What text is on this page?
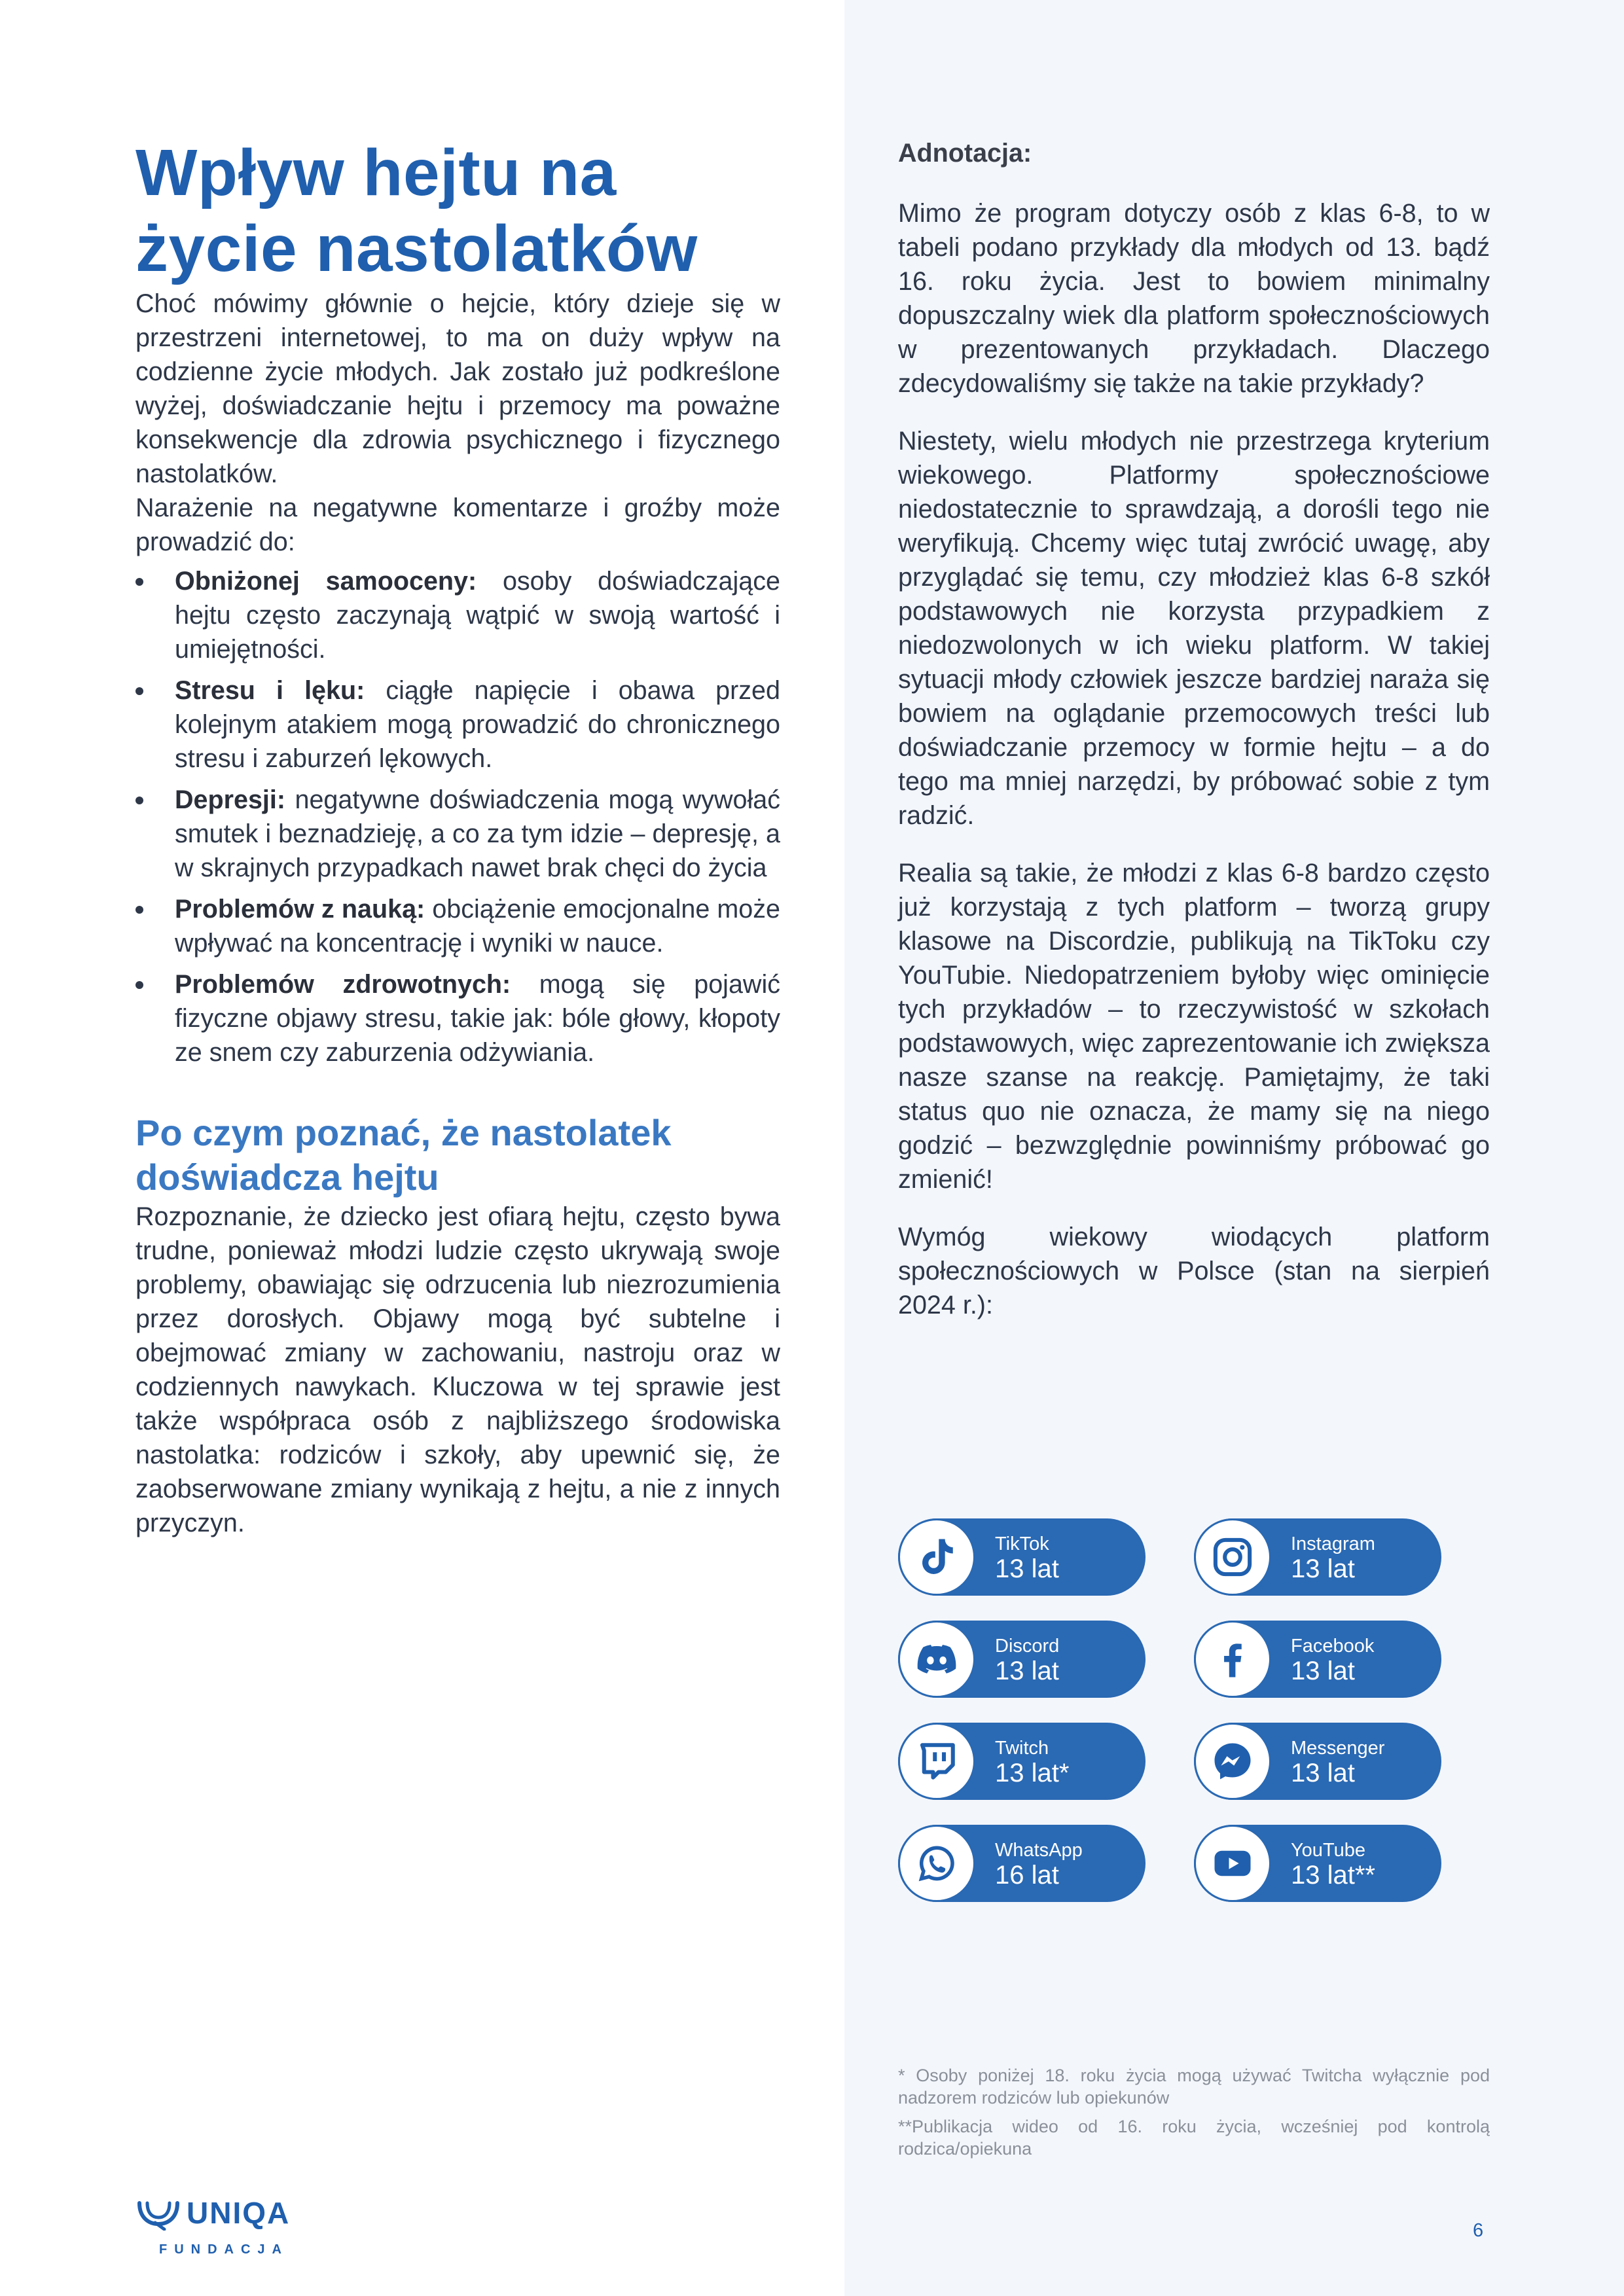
Wpływ hejtu na
życie nastolatków

Choć mówimy głównie o hejcie, który dzieje się w przestrzeni internetowej, to ma on duży wpływ na codzienne życie młodych. Jak zostało już podkreślone wyżej, doświadczanie hejtu i przemocy ma poważne konsekwencje dla zdrowia psychicznego i fizycznego nastolatków.

Narażenie na negatywne komentarze i groźby może prowadzić do:

Obniżonej samooceny: osoby doświadczające hejtu często zaczynają wątpić w swoją wartość i umiejętności.
Stresu i lęku: ciągłe napięcie i obawa przed kolejnym atakiem mogą prowadzić do chronicznego stresu i zaburzeń lękowych.
Depresji: negatywne doświadczenia mogą wywołać smutek i beznadzieję, a co za tym idzie – depresję, a w skrajnych przypadkach nawet brak chęci do życia
Problemów z nauką: obciążenie emocjonalne może wpływać na koncentrację i wyniki w nauce.
Problemów zdrowotnych: mogą się pojawić fizyczne objawy stresu, takie jak: bóle głowy, kłopoty ze snem czy zaburzenia odżywiania.
Po czym poznać, że nastolatek
doświadcza hejtu

Rozpoznanie, że dziecko jest ofiarą hejtu, często bywa trudne, ponieważ młodzi ludzie często ukrywają swoje problemy, obawiając się odrzucenia lub niezrozumienia przez dorosłych. Objawy mogą być subtelne i obejmować zmiany w zachowaniu, nastroju oraz w codziennych nawykach. Kluczowa w tej sprawie jest także współpraca osób z najbliższego środowiska nastolatka: rodziców i szkoły, aby upewnić się, że zaobserwowane zmiany wynikają z hejtu, a nie z innych przyczyn.

Adnotacja:

Mimo że program dotyczy osób z klas 6-8, to w tabeli podano przykłady dla młodych od 13. bądź 16. roku życia. Jest to bowiem minimalny dopuszczalny wiek dla platform społecznościowych w prezentowanych przykładach. Dlaczego zdecydowaliśmy się także na takie przykłady?

Niestety, wielu młodych nie przestrzega kryterium wiekowego. Platformy społecznościowe niedostatecznie to sprawdzają, a dorośli tego nie weryfikują. Chcemy więc tutaj zwrócić uwagę, aby przyglądać się temu, czy młodzież klas 6-8 szkół podstawowych nie korzysta przypadkiem z niedozwolonych w ich wieku platform. W takiej sytuacji młody człowiek jeszcze bardziej naraża się bowiem na oglądanie przemocowych treści lub doświadczanie przemocy w formie hejtu – a do tego ma mniej narzędzi, by próbować sobie z tym radzić.

Realia są takie, że młodzi z klas 6-8 bardzo często już korzystają z tych platform – tworzą grupy klasowe na Discordzie, publikują na TikToku czy YouTubie. Niedopatrzeniem byłoby więc ominięcie tych przykładów – to rzeczywistość w szkołach podstawowych, więc zaprezentowanie ich zwiększa nasze szanse na reakcję. Pamiętajmy, że taki status quo nie oznacza, że mamy się na niego godzić – bezwzględnie powinniśmy próbować go zmienić!

Wymóg wiekowy wiodących platform społecznościowych w Polsce (stan na sierpień 2024 r.):

TikTok
13 lat
Instagram
13 lat
Discord
13 lat
Facebook
13 lat
Twitch
13 lat*
Messenger
13 lat
WhatsApp
16 lat
YouTube
13 lat**

* Osoby poniżej 18. roku życia mogą używać Twitcha wyłącznie pod nadzorem rodziców lub opiekunów

**Publikacja wideo od 16. roku życia, wcześniej pod kontrolą rodzica/opiekuna

UNIQA
FUNDACJA
6
